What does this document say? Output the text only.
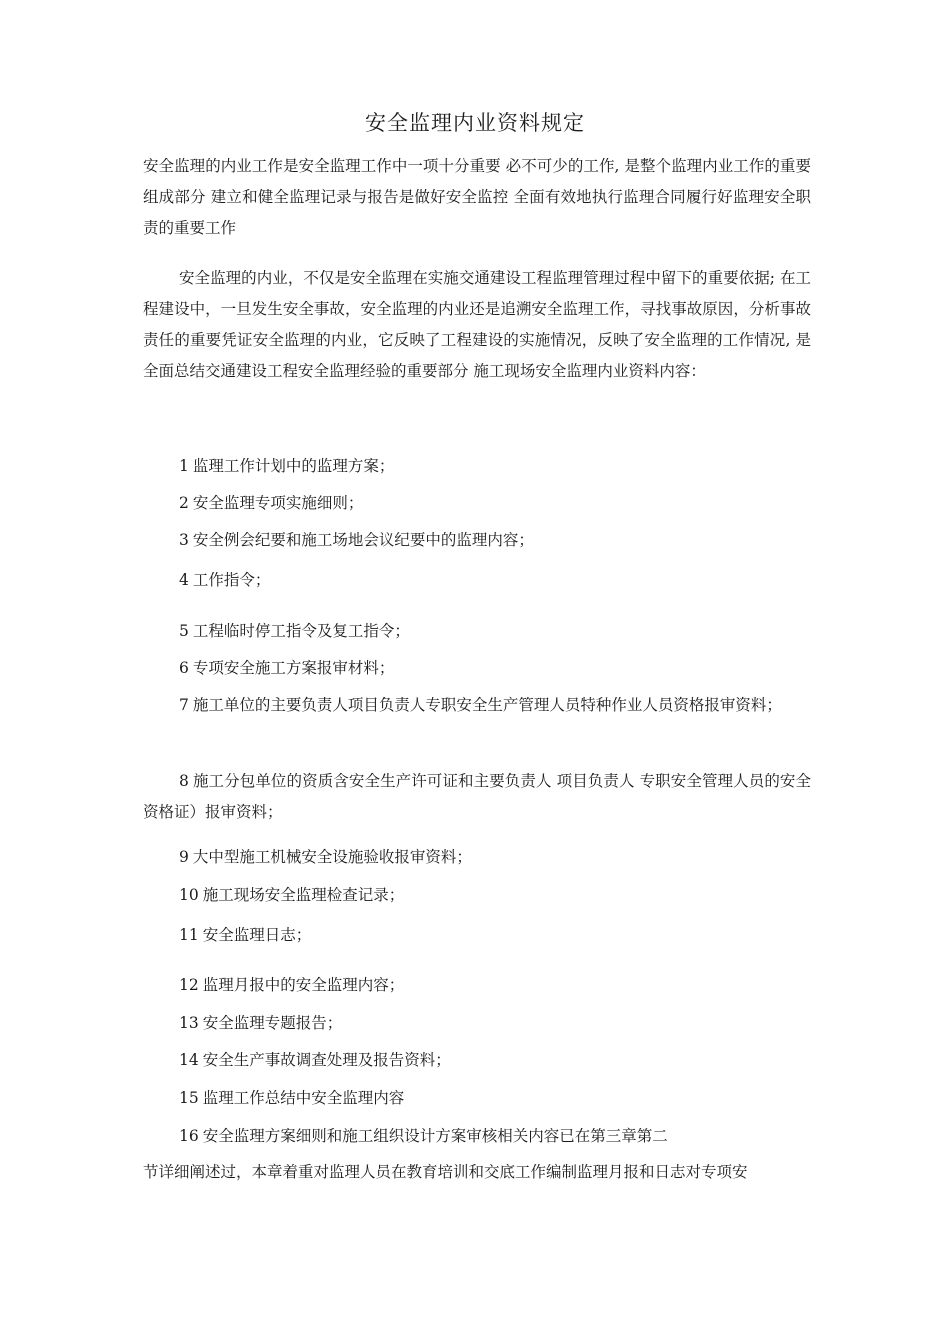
安全监理内业资料规定

安全监理的内业工作是安全监理工作中一项十分重要 必不可少的工作, 是整个监理内业工作的重要组成部分 建立和健全监理记录与报告是做好安全监控 全面有效地执行监理合同履行好监理安全职责的重要工作

安全监理的内业，不仅是安全监理在实施交通建设工程监理管理过程中留下的重要依据; 在工程建设中，一旦发生安全事故，安全监理的内业还是追溯安全监理工作，寻找事故原因，分析事故责任的重要凭证安全监理的内业，它反映了工程建设的实施情况，反映了安全监理的工作情况, 是全面总结交通建设工程安全监理经验的重要部分 施工现场安全监理内业资料内容：

1 监理工作计划中的监理方案；

2 安全监理专项实施细则；

3 安全例会纪要和施工场地会议纪要中的监理内容；

4 工作指令；

5 工程临时停工指令及复工指令；

6 专项安全施工方案报审材料；

7 施工单位的主要负责人项目负责人专职安全生产管理人员特种作业人员资格报审资料；

8 施工分包单位的资质含安全生产许可证和主要负责人 项目负责人 专职安全管理人员的安全资格证）报审资料；

9 大中型施工机械安全设施验收报审资料；

10 施工现场安全监理检查记录；

11 安全监理日志；

12 监理月报中的安全监理内容；

13 安全监理专题报告；

14 安全生产事故调查处理及报告资料；

15 监理工作总结中安全监理内容

16 安全监理方案细则和施工组织设计方案审核相关内容已在第三章第二

节详细阐述过，本章着重对监理人员在教育培训和交底工作编制监理月报和日志对专项安
